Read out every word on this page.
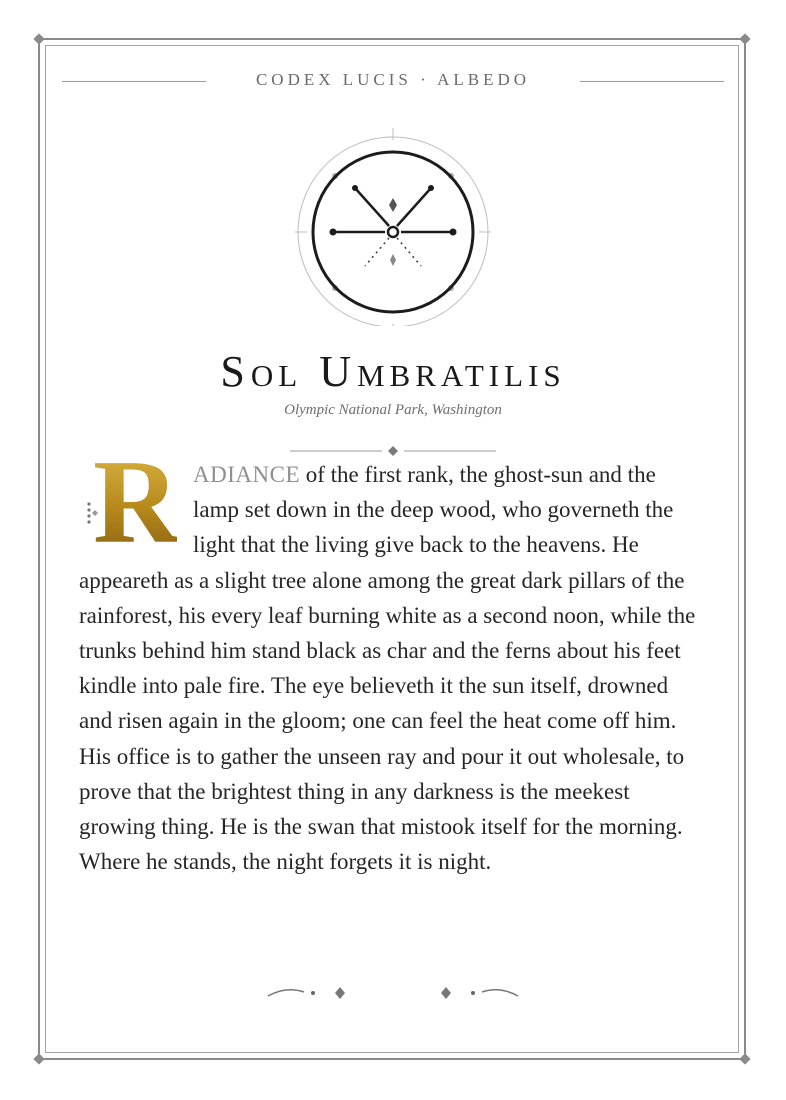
CODEX LUCIS · ALBEDO
SOL UMBRATILIS
Olympic National Park, Washington
R ADIANCE of the first rank, the ghost-sun and the lamp set down in the deep wood, who governeth the light that the living give back to the heavens. He appeareth as a slight tree alone among the great dark pillars of the rainforest, his every leaf burning white as a second noon, while the trunks behind him stand black as char and the ferns about his feet kindle into pale fire. The eye believeth it the sun itself, drowned and risen again in the gloom; one can feel the heat come off him. His office is to gather the unseen ray and pour it out wholesale, to prove that the brightest thing in any darkness is the meekest growing thing. He is the swan that mistook itself for the morning. Where he stands, the night forgets it is night.
